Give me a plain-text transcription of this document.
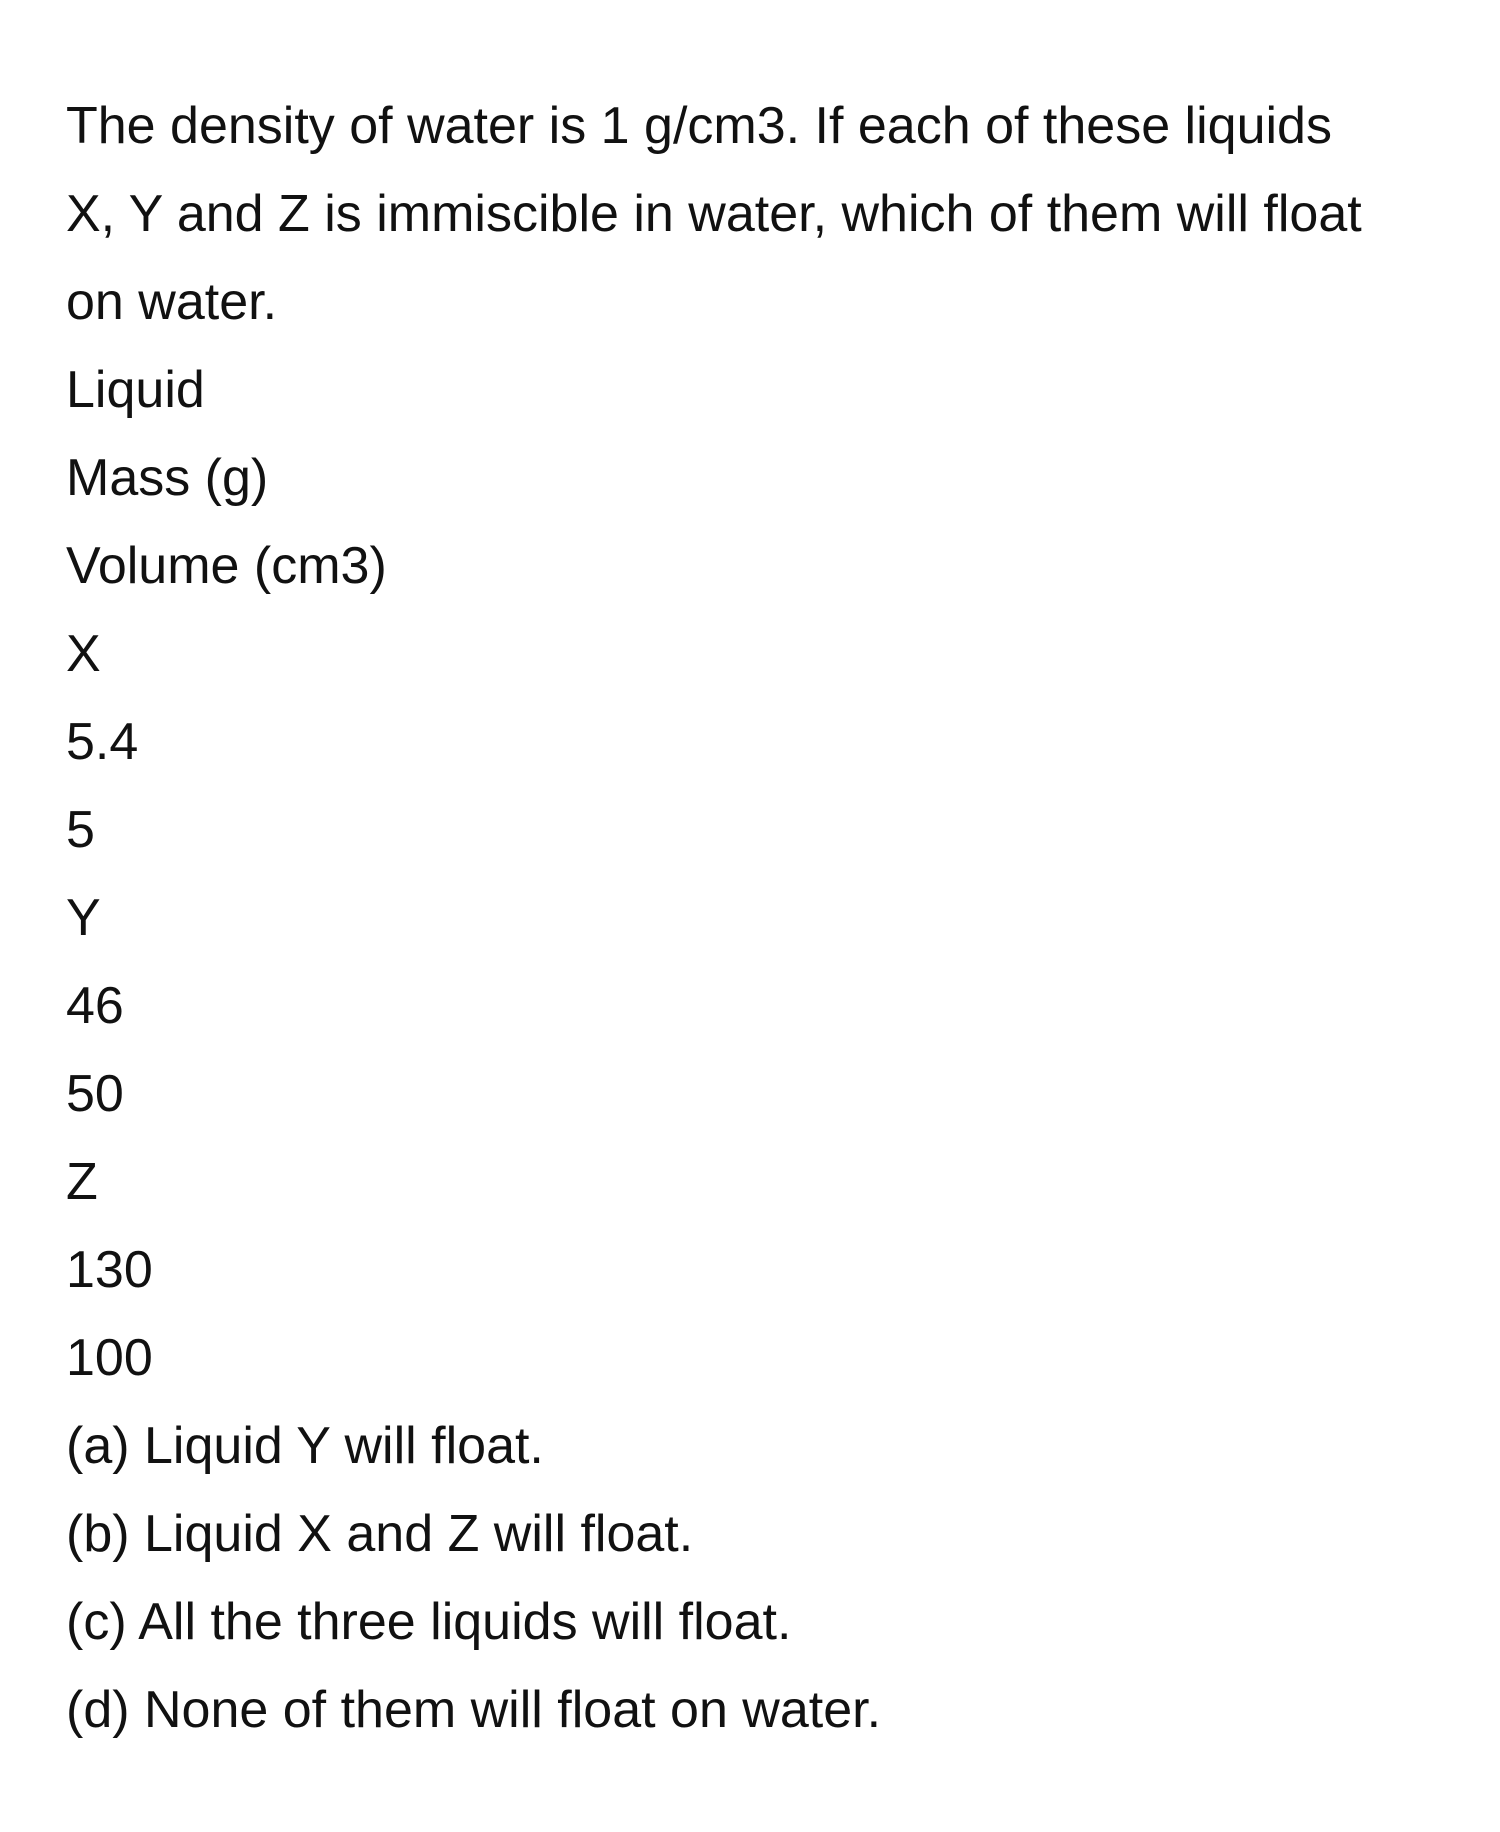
The density of water is 1 g/cm3. If each of these liquids X, Y and Z is immiscible in water, which of them will float on water.

Liquid
Mass (g)
Volume (cm3)
X
5.4
5
Y
46
50
Z
130
100
(a) Liquid Y will float.
(b) Liquid X and Z will float.
(c) All the three liquids will float.
(d) None of them will float on water.
